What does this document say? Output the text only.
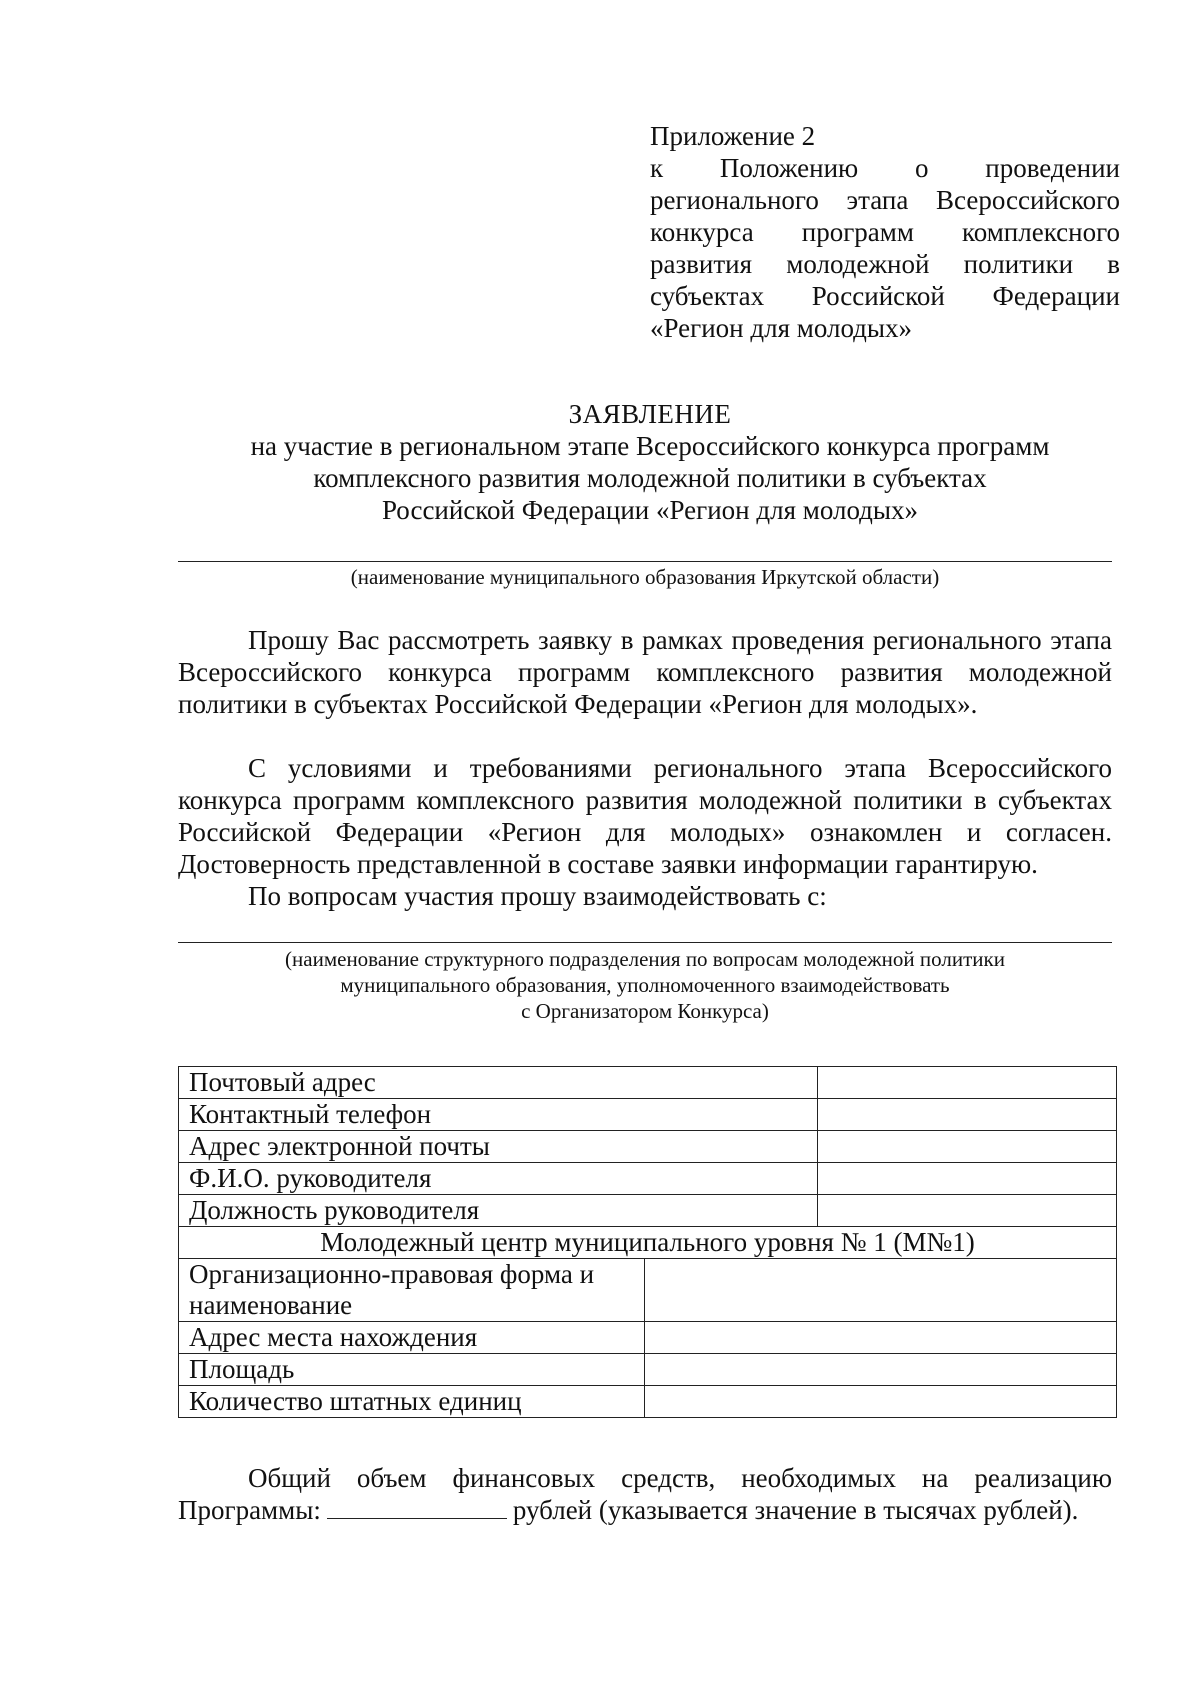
Приложение 2
к Положению о проведении регионального этапа Всероссийского конкурса программ комплексного развития молодежной политики в субъектах Российской Федерации «Регион для молодых»
ЗАЯВЛЕНИЕ
на участие в региональном этапе Всероссийского конкурса программ
комплексного развития молодежной политики в субъектах
Российской Федерации «Регион для молодых»
(наименование муниципального образования Иркутской области)
Прошу Вас рассмотреть заявку в рамках проведения регионального этапа Всероссийского конкурса программ комплексного развития молодежной политики в субъектах Российской Федерации «Регион для молодых».
С условиями и требованиями регионального этапа Всероссийского конкурса программ комплексного развития молодежной политики в субъектах Российской Федерации «Регион для молодых» ознакомлен и согласен. Достоверность представленной в составе заявки информации гарантирую.
По вопросам участия прошу взаимодействовать с:
(наименование структурного подразделения по вопросам молодежной политики
муниципального образования, уполномоченного взаимодействовать
с Организатором Конкурса)
Почтовый адрес		
Контактный телефон		
Адрес электронной почты		
Ф.И.О. руководителя		
Должность руководителя		
Молодежный центр муниципального уровня № 1 (М№1)		
Организационно-правовая форма и наименование		
Адрес места нахождения		
Площадь		
Количество штатных единиц		
Общий объем финансовых средств, необходимых на реализацию
Программы:	рублей (указывается значение в тысячах рублей).
